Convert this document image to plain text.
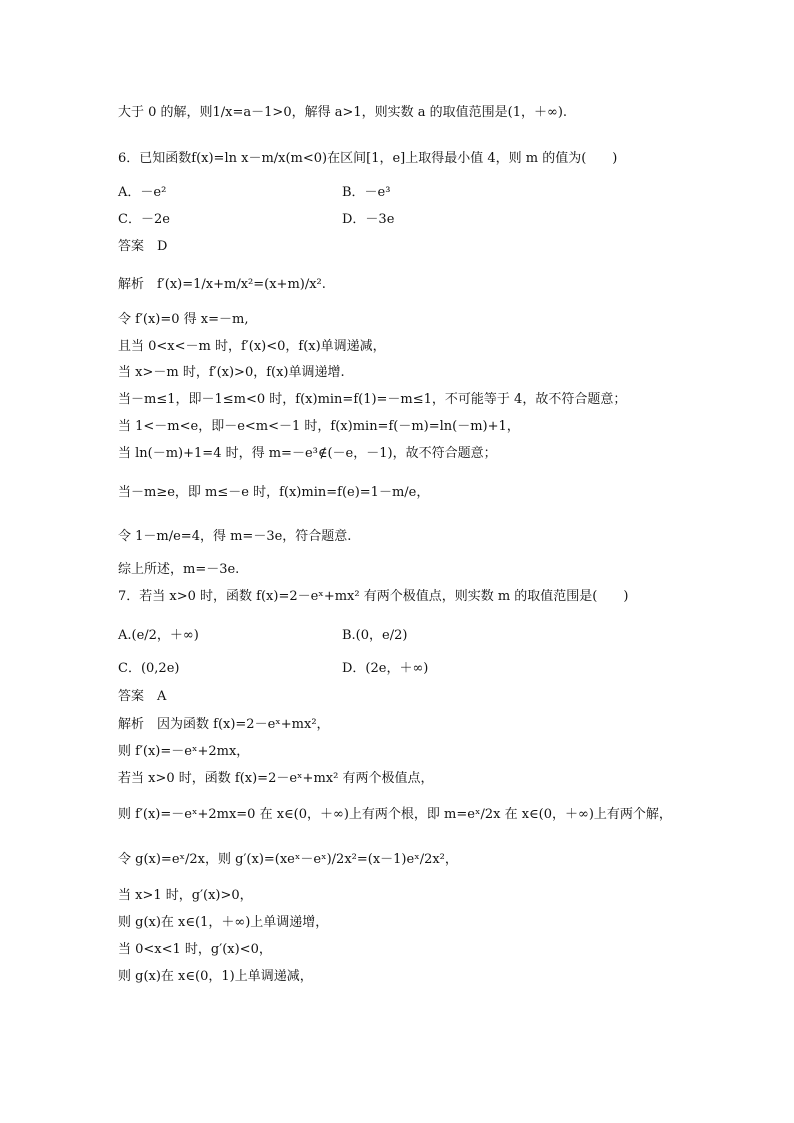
大于 0 的解，则1/x=a－1>0，解得 a>1，则实数 a 的取值范围是(1，＋∞).
6．已知函数f(x)=ln x－m/x(m<0)在区间[1，e]上取得最小值 4，则 m 的值为(　　)
A．－e²	B．－e³
C．－2e	D．－3e
答案　D
解析　f′(x)=1/x+m/x²=(x+m)/x².
令 f′(x)=0 得 x=－m,
且当 0<x<－m 时，f′(x)<0，f(x)单调递减，
当 x>－m 时，f′(x)>0，f(x)单调递增.
当－m≤1，即－1≤m<0 时，f(x)min=f(1)=－m≤1，不可能等于 4，故不符合题意；
当 1<－m<e，即－e<m<－1 时，f(x)min=f(－m)=ln(－m)+1，
当 ln(－m)+1=4 时，得 m=－e³∉(－e，－1)，故不符合题意；
当－m≥e，即 m≤－e 时，f(x)min=f(e)=1－m/e，
令 1－m/e=4，得 m=－3e，符合题意.
综上所述，m=－3e.
7．若当 x>0 时，函数 f(x)=2－eˣ+mx² 有两个极值点，则实数 m 的取值范围是(　　)
A.(e/2，＋∞)	B.(0，e/2)
C．(0,2e)	D．(2e，＋∞)
答案　A
解析　因为函数 f(x)=2－eˣ+mx²，
则 f′(x)=－eˣ+2mx，
若当 x>0 时，函数 f(x)=2－eˣ+mx² 有两个极值点，
则 f′(x)=－eˣ+2mx=0 在 x∈(0，＋∞)上有两个根，即 m=eˣ/2x 在 x∈(0，＋∞)上有两个解，
令 g(x)=eˣ/2x，则 g′(x)=(xeˣ－eˣ)/2x²=(x－1)eˣ/2x²，
当 x>1 时，g′(x)>0，
则 g(x)在 x∈(1，＋∞)上单调递增，
当 0<x<1 时，g′(x)<0，
则 g(x)在 x∈(0，1)上单调递减，
